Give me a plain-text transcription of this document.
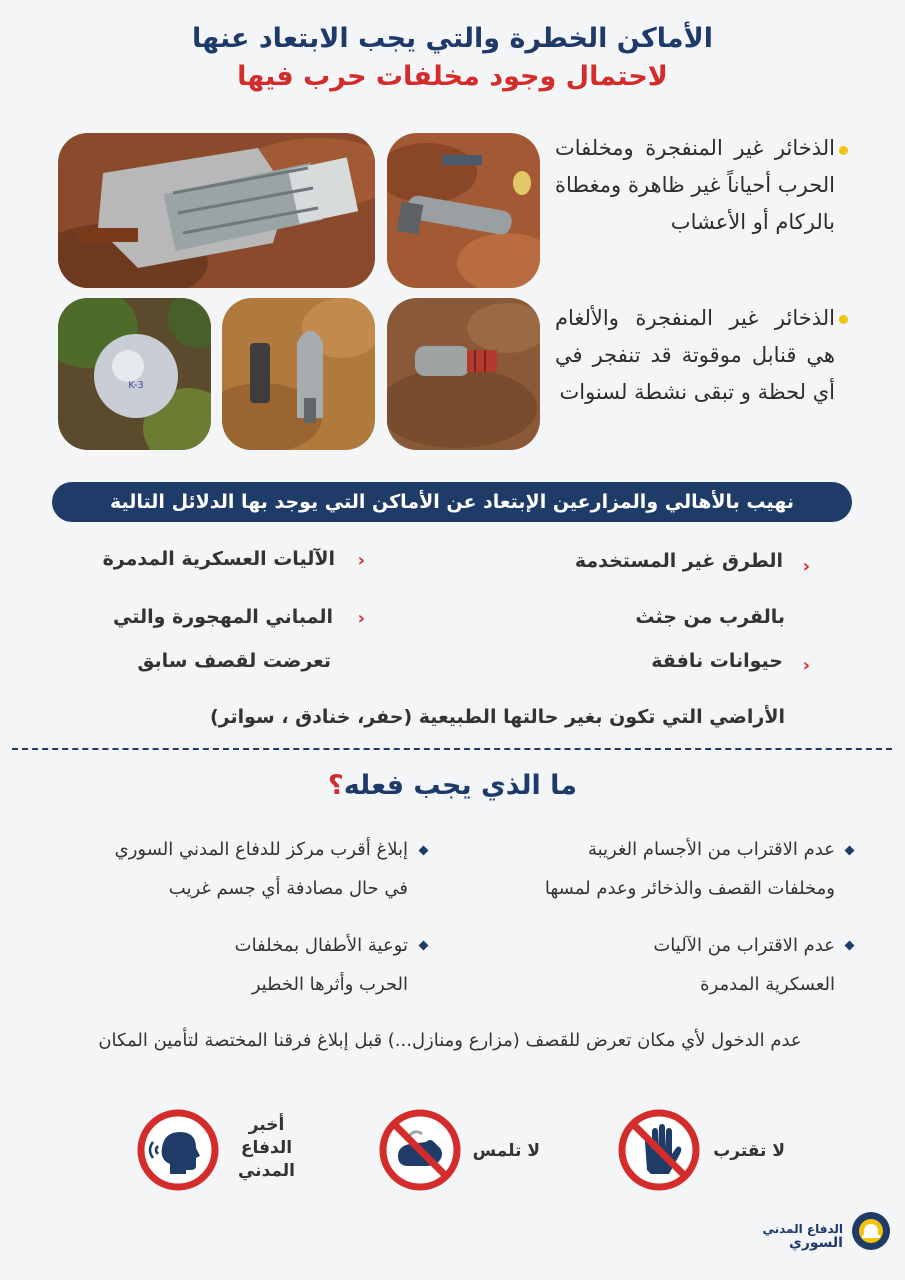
الأماكن الخطرة والتي يجب الابتعاد عنها
لاحتمال وجود مخلفات حرب فيها
K-3
الذخائر غير المنفجرة ومخلفات الحرب أحياناً غير ظاهرة ومغطاة بالركام أو الأعشاب
الذخائر غير المنفجرة والألغام هي قنابل موقوتة قد تنفجر في أي لحظة و تبقى نشطة لسنوات
نهيب بالأهالي والمزارعين الإبتعاد عن الأماكن التي يوجد بها الدلائل التالية
‹
الطرق غير المستخدمة
‹
الآليات العسكرية المدمرة
بالقرب من جثث
‹
حيوانات نافقة
‹
المباني المهجورة والتي
تعرضت لقصف سابق
الأراضي التي تكون بغير حالتها الطبيعية (حفر، خنادق ، سواتر)
ما الذي يجب فعله؟
عدم الاقتراب من الأجسام الغريبة
ومخلفات القصف والذخائر وعدم لمسها
إبلاغ أقرب مركز للدفاع المدني السوري
في حال مصادفة أي جسم غريب
عدم الاقتراب من الآليات
العسكرية المدمرة
توعية الأطفال بمخلفات
الحرب وأثرها الخطير
عدم الدخول لأي مكان تعرض للقصف (مزارع ومنازل...) قبل إبلاغ فرقنا المختصة لتأمين المكان
لا تقترب
لا تلمس
أخبر
الدفاع
المدني
الدفاع المدني
السوري
